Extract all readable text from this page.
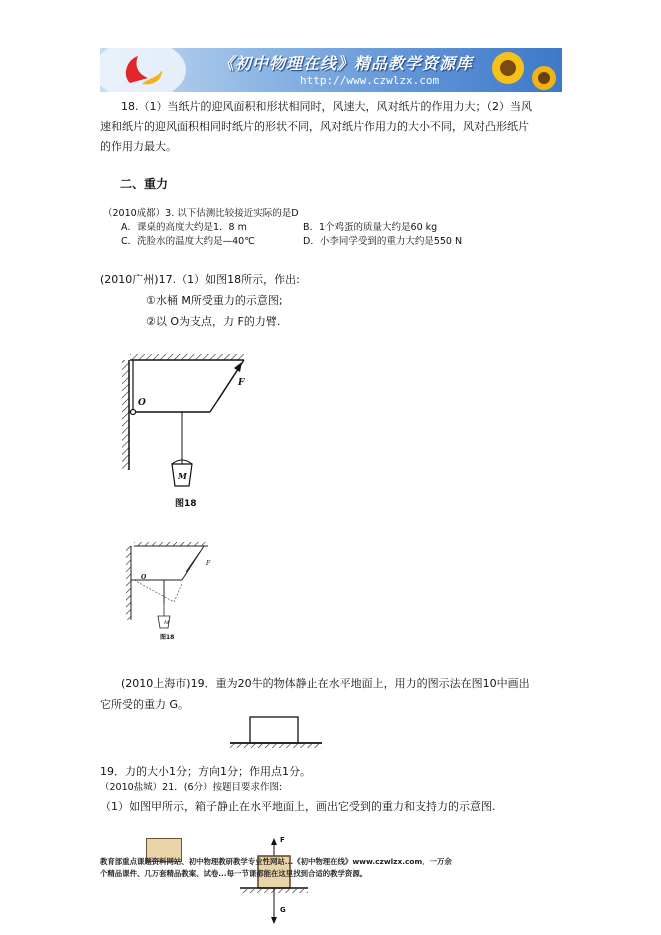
《初中物理在线》精品教学资源库
http://www.czwlzx.com
18.（1）当纸片的迎风面积和形状相同时，风速大，风对纸片的作用力大；（2）当风
速和纸片的迎风面积相同时纸片的形状不同，风对纸片作用力的大小不同，风对凸形纸片
的作用力最大。
二、重力
（2010成都）3. 以下估测比较接近实际的是D
A．课桌的高度大约是1．8 m	B．1个鸡蛋的质量大约是60 kg
C．洗脸水的温度大约是—40℃	D．小李同学受到的重力大约是550 N
(2010广州)17.（1）如图18所示，作出:
①水桶 M所受重力的示意图;
②以 O为支点，力 F的力臂.
F
O
M
图18
F
O
M
图18
(2010上海市)19．重为20牛的物体静止在水平地面上，用力的图示法在图10中画出
它所受的重力 G。
19．力的大小1分；方向1分；作用点1分。
（2010盐城）21．(6分）按题目要求作图:
（1）如图甲所示，箱子静止在水平地面上，画出它受到的重力和支持力的示意图.
F
G
教育部重点课题资料网站、初中物理教研教学专业性网站...《初中物理在线》www.czwlzx.com．一万余
个精品课件、几万套精品教案、试卷...每一节课都能在这里找到合适的教学资源。
